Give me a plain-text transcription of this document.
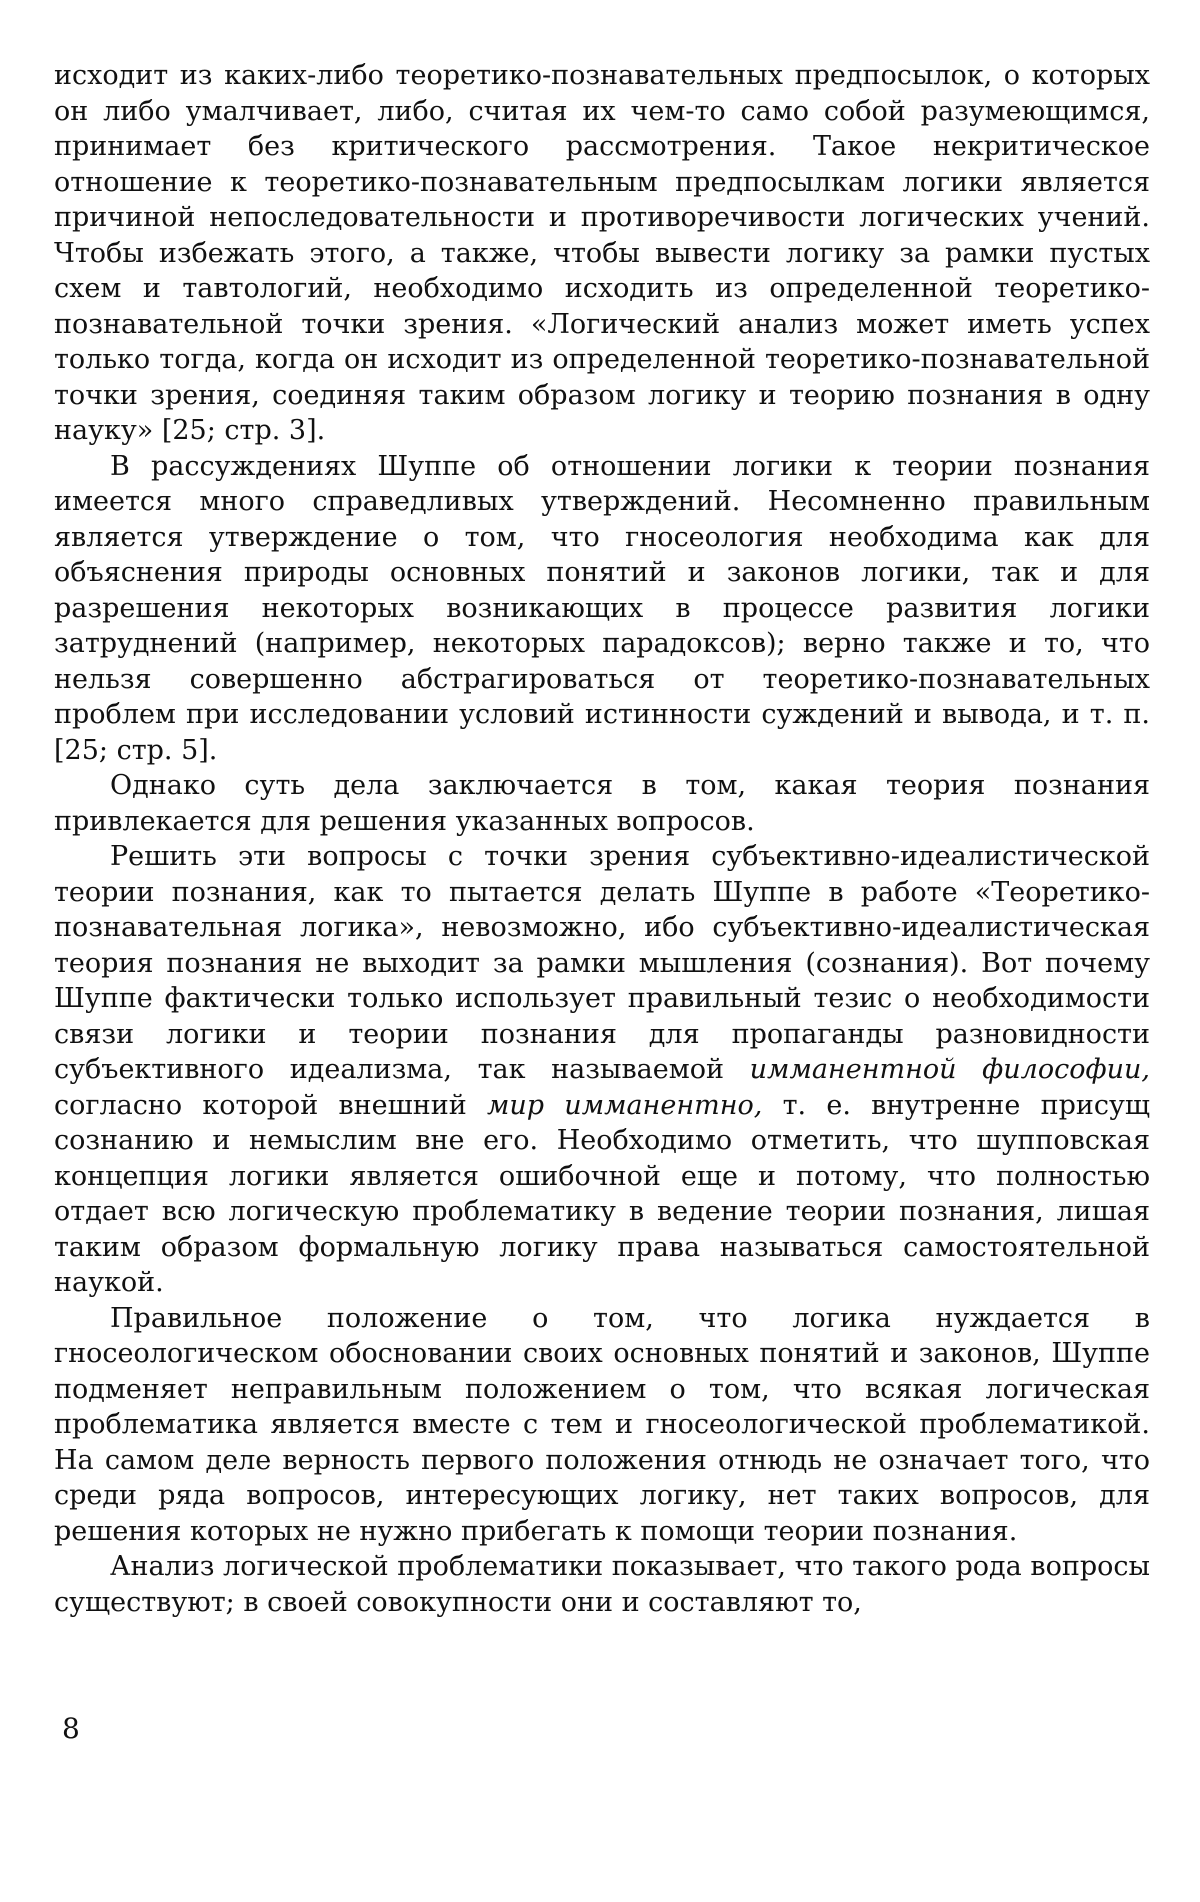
исходит из каких-либо теоретико-познавательных предпосылок, о которых он либо умалчивает, либо, считая их чем-то само собой разумеющимся, принимает без критического рассмотрения. Такое некритическое отношение к теоретико-познавательным предпосылкам логики является причиной непоследовательности и противоречивости логических учений. Чтобы избежать этого, а также, чтобы вывести логику за рамки пустых схем и тавтологий, необходимо исходить из определенной теоретико-познавательной точки зрения. «Логический анализ может иметь успех только тогда, когда он исходит из определенной теоретико-познавательной точки зрения, соединяя таким образом логику и теорию познания в одну науку» [25; стр. 3].

В рассуждениях Шуппе об отношении логики к теории познания имеется много справедливых утверждений. Несомненно правильным является утверждение о том, что гносеология необходима как для объяснения природы основных понятий и законов логики, так и для разрешения некоторых возникающих в процессе развития логики затруднений (например, некоторых парадоксов); верно также и то, что нельзя совершенно абстрагироваться от теоретико-познавательных проблем при исследовании условий истинности суждений и вывода, и т. п. [25; стр. 5].

Однако суть дела заключается в том, какая теория познания привлекается для решения указанных вопросов.

Решить эти вопросы с точки зрения субъективно-идеалистической теории познания, как то пытается делать Шуппе в работе «Теоретико-познавательная логика», невозможно, ибо субъективно-идеалистическая теория познания не выходит за рамки мышления (сознания). Вот почему Шуппе фактически только использует правильный тезис о необходимости связи логики и теории познания для пропаганды разновидности субъективного идеализма, так называемой имманентной философии, согласно которой внешний мир имманентно, т. е. внутренне присущ сознанию и немыслим вне его. Необходимо отметить, что шупповская концепция логики является ошибочной еще и потому, что полностью отдает всю логическую проблематику в ведение теории познания, лишая таким образом формальную логику права называться самостоятельной наукой.

Правильное положение о том, что логика нуждается в гносеологическом обосновании своих основных понятий и законов, Шуппе подменяет неправильным положением о том, что всякая логическая проблематика является вместе с тем и гносеологической проблематикой. На самом деле верность первого положения отнюдь не означает того, что среди ряда вопросов, интересующих логику, нет таких вопросов, для решения которых не нужно прибегать к помощи теории познания.

Анализ логической проблематики показывает, что такого рода вопросы существуют; в своей совокупности они и составляют то,

8
